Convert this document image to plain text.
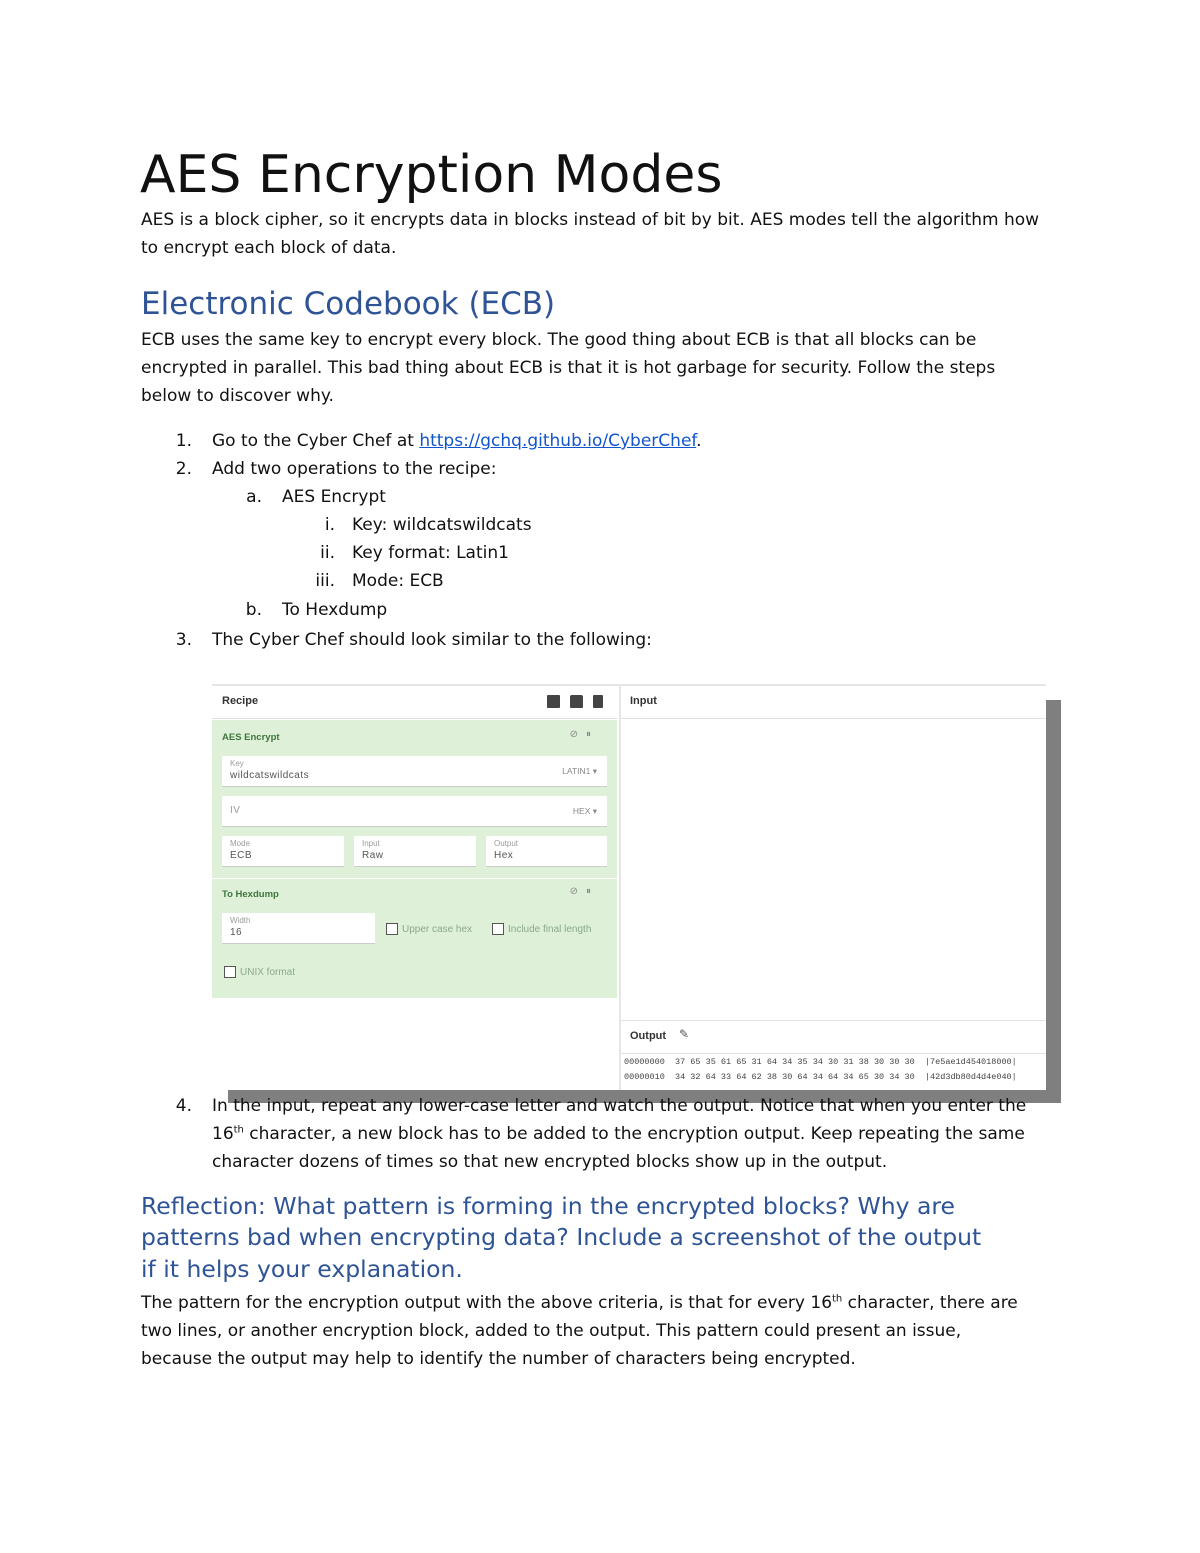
AES Encryption Modes
AES is a block cipher, so it encrypts data in blocks instead of bit by bit. AES modes tell the algorithm how
to encrypt each block of data.
Electronic Codebook (ECB)
ECB uses the same key to encrypt every block. The good thing about ECB is that all blocks can be
encrypted in parallel. This bad thing about ECB is that it is hot garbage for security. Follow the steps
below to discover why.
1. Go to the Cyber Chef at https://gchq.github.io/CyberChef.
2. Add two operations to the recipe:
a. AES Encrypt
i. Key: wildcatswildcats
ii. Key format: Latin1
iii. Mode: ECB
b. To Hexdump
3. The Cyber Chef should look similar to the following:
Recipe
AES Encrypt	⊘⏸
Key
wildcatswildcats	LATIN1 ▾
IV	HEX ▾
Mode
ECB
Input
Raw
Output
Hex
To Hexdump	⊘⏸
Width
16	Upper case hex	Include final length
UNIX format
Input
Output ✎
00000000  37 65 35 61 65 31 64 34 35 34 30 31 38 30 30 30  |7e5ae1d454018000|
00000010  34 32 64 33 64 62 38 30 64 34 64 34 65 30 34 30  |42d3db80d4d4e040|
4. In the input, repeat any lower-case letter and watch the output. Notice that when you enter the
16th character, a new block has to be added to the encryption output. Keep repeating the same
character dozens of times so that new encrypted blocks show up in the output.
Reflection: What pattern is forming in the encrypted blocks? Why are
patterns bad when encrypting data? Include a screenshot of the output
if it helps your explanation.
The pattern for the encryption output with the above criteria, is that for every 16th character, there are
two lines, or another encryption block, added to the output. This pattern could present an issue,
because the output may help to identify the number of characters being encrypted.
